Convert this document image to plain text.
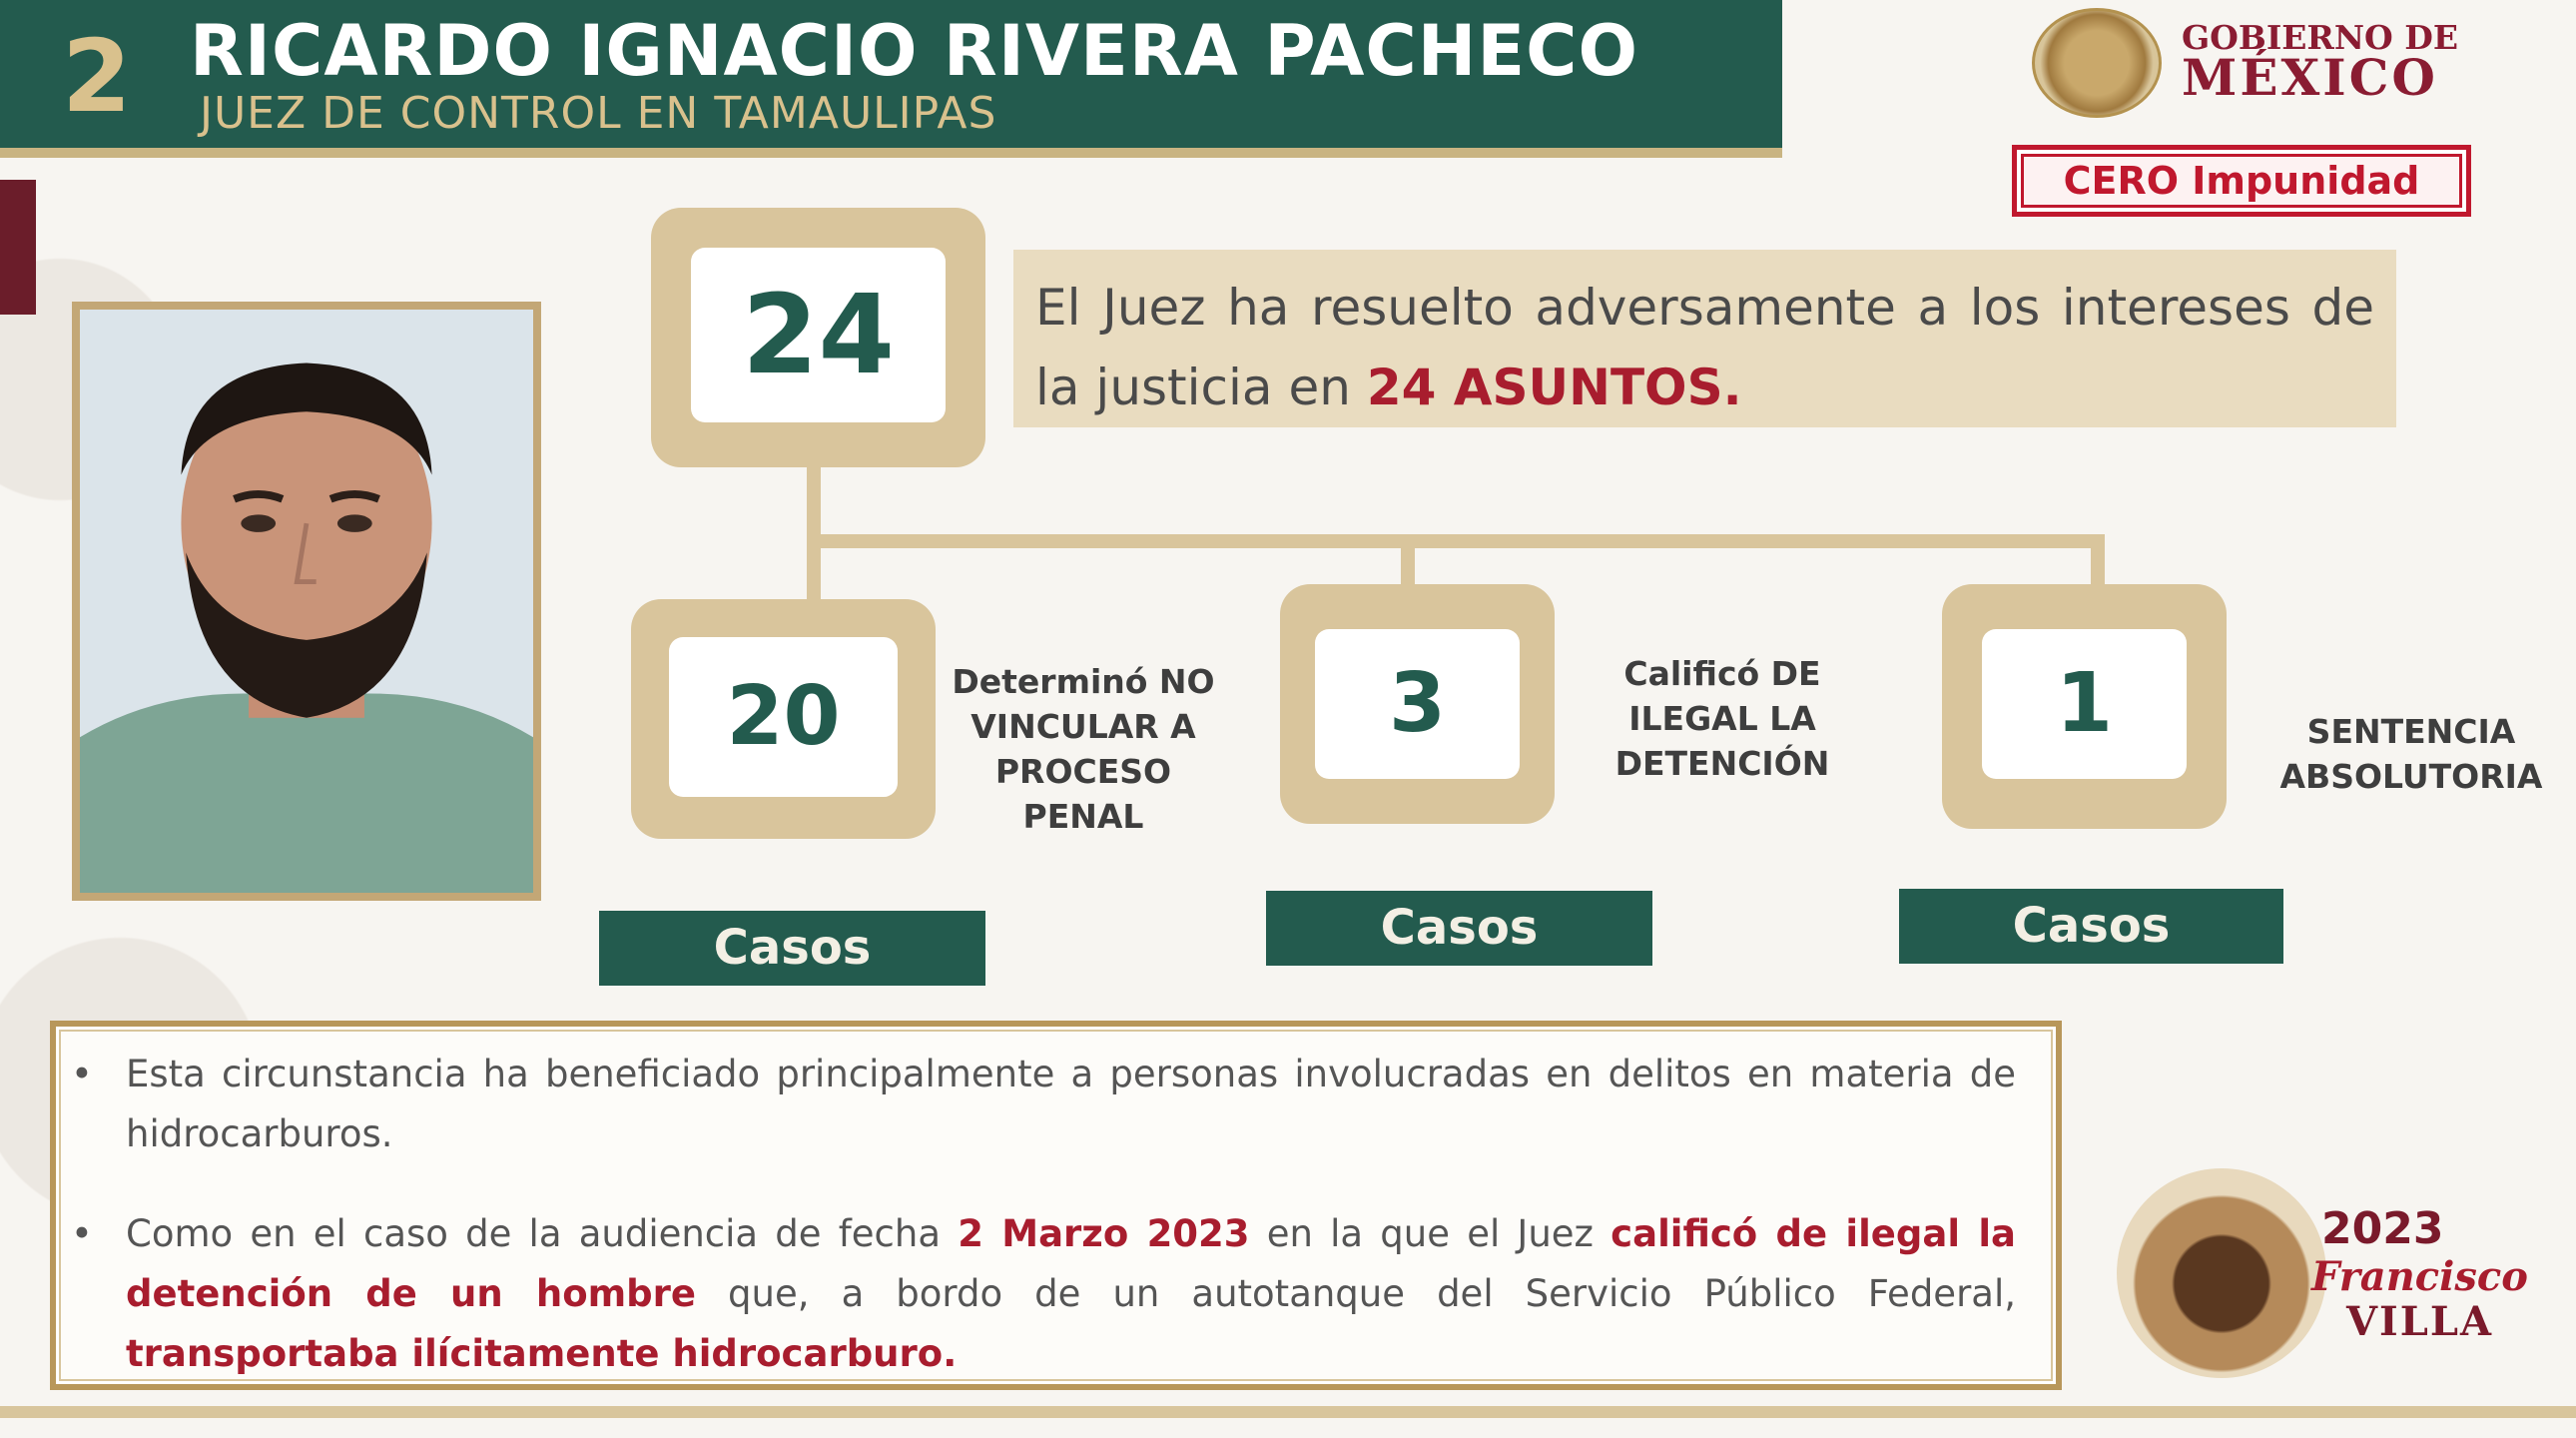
2 RICARDO IGNACIO RIVERA PACHECO
JUEZ DE CONTROL EN TAMAULIPAS
GOBIERNO DE
MÉXICO
CERO Impunidad
24	El Juez ha resuelto adversamente a los intereses de la justicia en 24 ASUNTOS.
20	Determinó NO VINCULAR A PROCESO PENAL
Casos
3	Calificó DE ILEGAL LA DETENCIÓN
Casos
1	SENTENCIA ABSOLUTORIA
Casos
• Esta circunstancia ha beneficiado principalmente a personas involucradas en delitos en materia de hidrocarburos.
• Como en el caso de la audiencia de fecha 2 Marzo 2023 en la que el Juez calificó de ilegal la detención de un hombre que, a bordo de un autotanque del Servicio Público Federal, transportaba ilícitamente hidrocarburo.
2023
Francisco
VILLA
